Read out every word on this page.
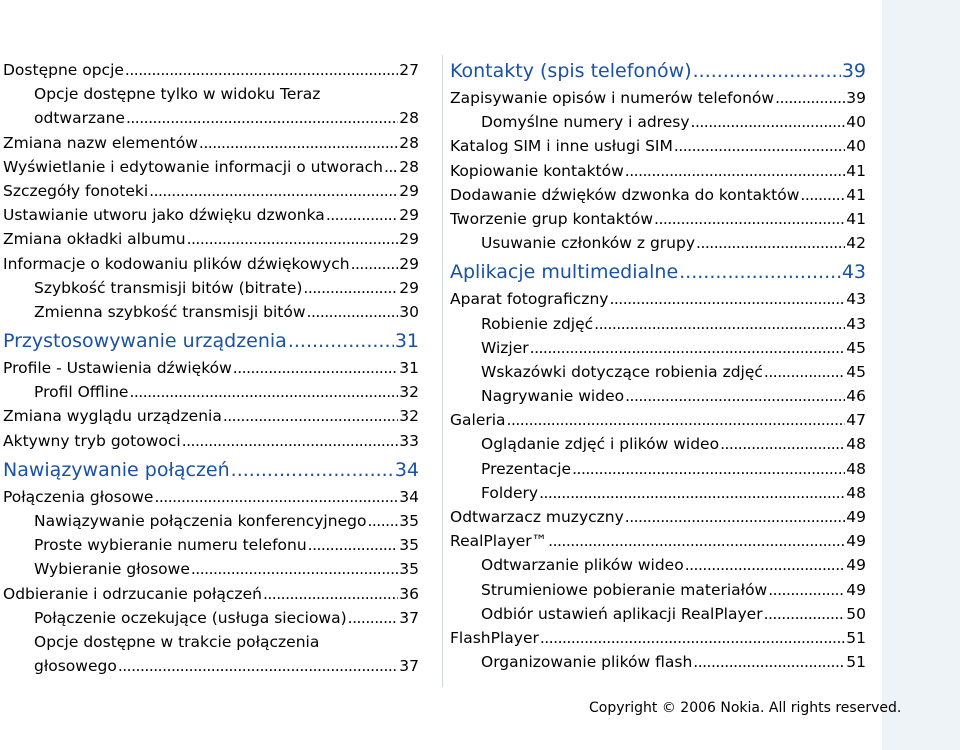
Dostępne opcje .....	27
Opcje dostępne tylko w widoku Teraz
odtwarzane .....	28
Zmiana nazw elementów .....	28
Wyświetlanie i edytowanie informacji o utworach ..... 28
Szczegóły fonoteki .....	29
Ustawianie utworu jako dźwięku dzwonka .....	29
Zmiana okładki albumu .....	29
Informacje o kodowaniu plików dźwiękowych .....	29
Szybkość transmisji bitów (bitrate) .....	29
Zmienna szybkość transmisji bitów .....	30
Przystosowywanie urządzenia .....	31
Profile - Ustawienia dźwięków .....	31
Profil Offline .....	32
Zmiana wyglądu urządzenia .....	32
Aktywny tryb gotowoci .....	33
Nawiązywanie połączeń .....	34
Połączenia głosowe .....	34
Nawiązywanie połączenia konferencyjnego ..... 35
Proste wybieranie numeru telefonu .....	35
Wybieranie głosowe .....	35
Odbieranie i odrzucanie połączeń .....	36
Połączenie oczekujące (usługa sieciowa) .....	37
Opcje dostępne w trakcie połączenia
głosowego .....	37
Kontakty (spis telefonów) .....	39
Zapisywanie opisów i numerów telefonów .....	39
Domyślne numery i adresy .....	40
Katalog SIM i inne usługi SIM .....	40
Kopiowanie kontaktów .....	41
Dodawanie dźwięków dzwonka do kontaktów .....	41
Tworzenie grup kontaktów .....	41
Usuwanie członków z grupy .....	42
Aplikacje multimedialne .....	43
Aparat fotograficzny .....	43
Robienie zdjęć .....	43
Wizjer .....	45
Wskazówki dotyczące robienia zdjęć .....	45
Nagrywanie wideo .....	46
Galeria .....	47
Oglądanie zdjęć i plików wideo .....	48
Prezentacje .....	48
Foldery .....	48
Odtwarzacz muzyczny .....	49
RealPlayer™ .....	49
Odtwarzanie plików wideo .....	49
Strumieniowe pobieranie materiałów .....	49
Odbiór ustawień aplikacji RealPlayer .....	50
FlashPlayer .....	51
Organizowanie plików flash .....	51
Copyright © 2006 Nokia. All rights reserved.
